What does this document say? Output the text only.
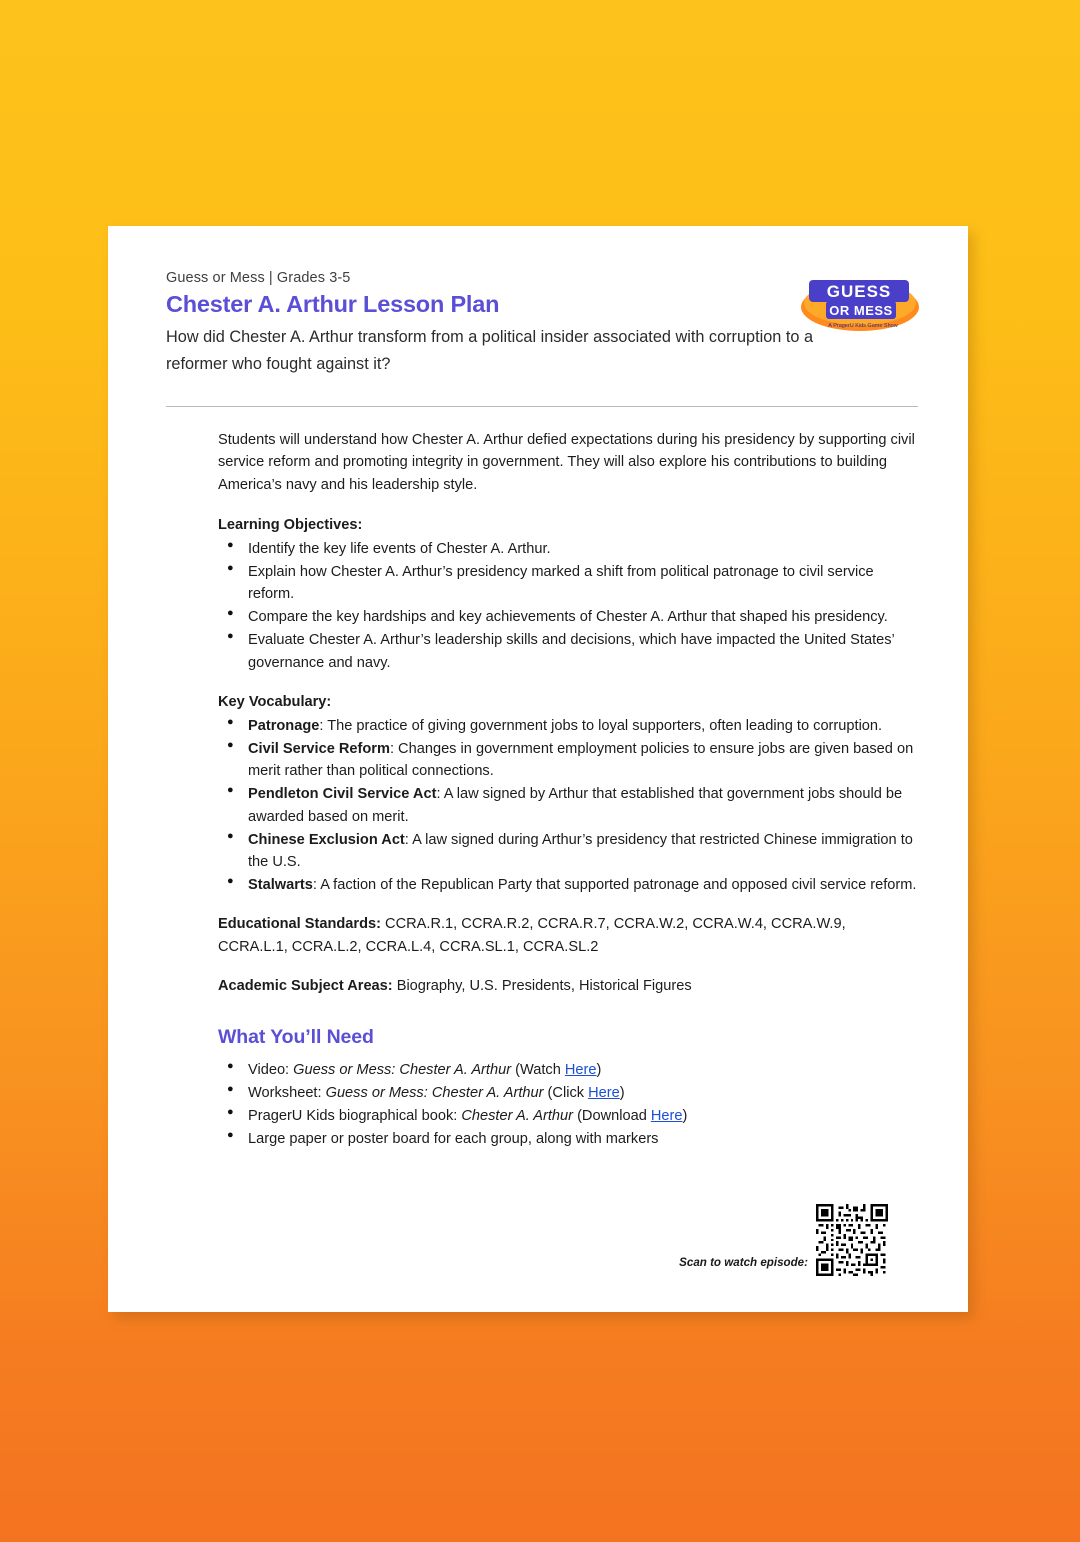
GUESS
OR MESS
A PragerU Kids Game Show
Guess or Mess | Grades 3-5
Chester A. Arthur Lesson Plan

How did Chester A. Arthur transform from a political insider associated with corruption to a reformer who fought against it?

Students will understand how Chester A. Arthur defied expectations during his presidency by supporting civil service reform and promoting integrity in government. They will also explore his contributions to building America’s navy and his leadership style.

Learning Objectives:
● Identify the key life events of Chester A. Arthur.
● Explain how Chester A. Arthur’s presidency marked a shift from political patronage to civil service reform.
● Compare the key hardships and key achievements of Chester A. Arthur that shaped his presidency.
● Evaluate Chester A. Arthur’s leadership skills and decisions, which have impacted the United States’ governance and navy.
Key Vocabulary:
● Patronage: The practice of giving government jobs to loyal supporters, often leading to corruption.
● Civil Service Reform: Changes in government employment policies to ensure jobs are given based on merit rather than political connections.
● Pendleton Civil Service Act: A law signed by Arthur that established that government jobs should be awarded based on merit.
● Chinese Exclusion Act: A law signed during Arthur’s presidency that restricted Chinese immigration to the U.S.
● Stalwarts: A faction of the Republican Party that supported patronage and opposed civil service reform.

Educational Standards: CCRA.R.1, CCRA.R.2, CCRA.R.7, CCRA.W.2, CCRA.W.4, CCRA.W.9, CCRA.L.1, CCRA.L.2, CCRA.L.4, CCRA.SL.1, CCRA.SL.2

Academic Subject Areas: Biography, U.S. Presidents, Historical Figures

What You’ll Need
● Video: Guess or Mess: Chester A. Arthur (Watch Here)
● Worksheet: Guess or Mess: Chester A. Arthur (Click Here)
● PragerU Kids biographical book: Chester A. Arthur (Download Here)
● Large paper or poster board for each group, along with markers
Scan to watch episode:
